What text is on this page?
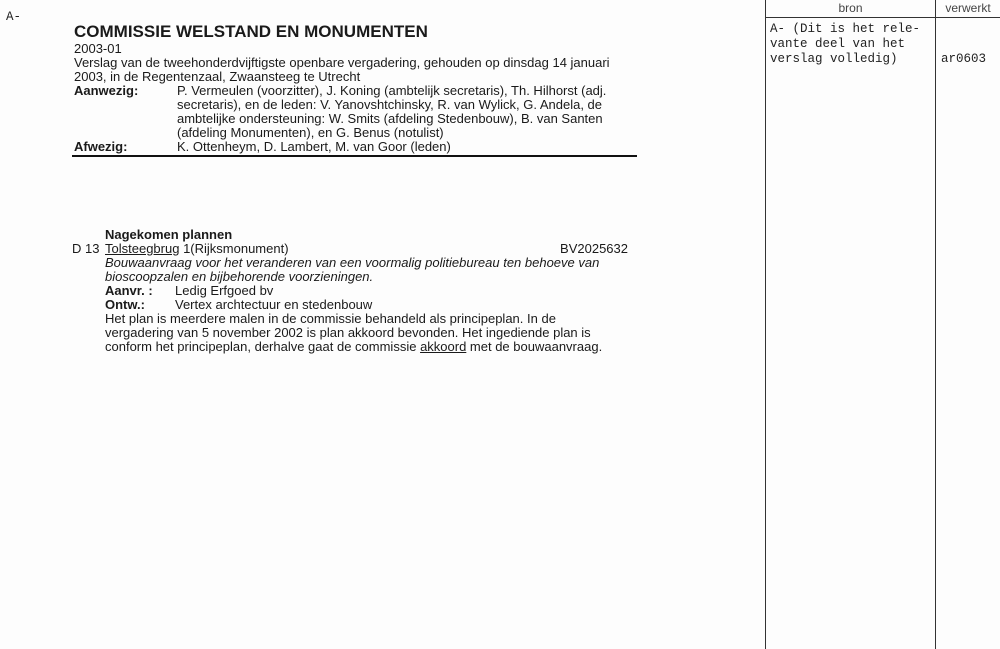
A-
COMMISSIE WELSTAND EN MONUMENTEN
2003-01
Verslag van de tweehonderdvijftigste openbare vergadering, gehouden op dinsdag 14 januari
2003, in de Regentenzaal, Zwaansteeg te Utrecht
Aanwezig:	P. Vermeulen (voorzitter), J. Koning (ambtelijk secretaris), Th. Hilhorst (adj.
secretaris), en de leden: V. Yanovshtchinsky, R. van Wylick, G. Andela, de
ambtelijke ondersteuning: W. Smits (afdeling Stedenbouw), B. van Santen
(afdeling Monumenten), en G. Benus (notulist)
Afwezig:	K. Ottenheym, D. Lambert, M. van Goor (leden)
Nagekomen plannen
D 13 Tolsteegbrug 1(Rijksmonument)	BV2025632
Bouwaanvraag voor het veranderen van een voormalig politiebureau ten behoeve van
bioscoopzalen en bijbehorende voorzieningen.
Aanvr. : Ledig Erfgoed bv
Ontw.: Vertex archtectuur en stedenbouw
Het plan is meerdere malen in de commissie behandeld als principeplan. In de
vergadering van 5 november 2002 is plan akkoord bevonden. Het ingediende plan is
conform het principeplan, derhalve gaat de commissie akkoord met de bouwaanvraag.
bron	verwerkt
A- (Dit is het rele-
vante deel van het
verslag volledig)	ar0603
